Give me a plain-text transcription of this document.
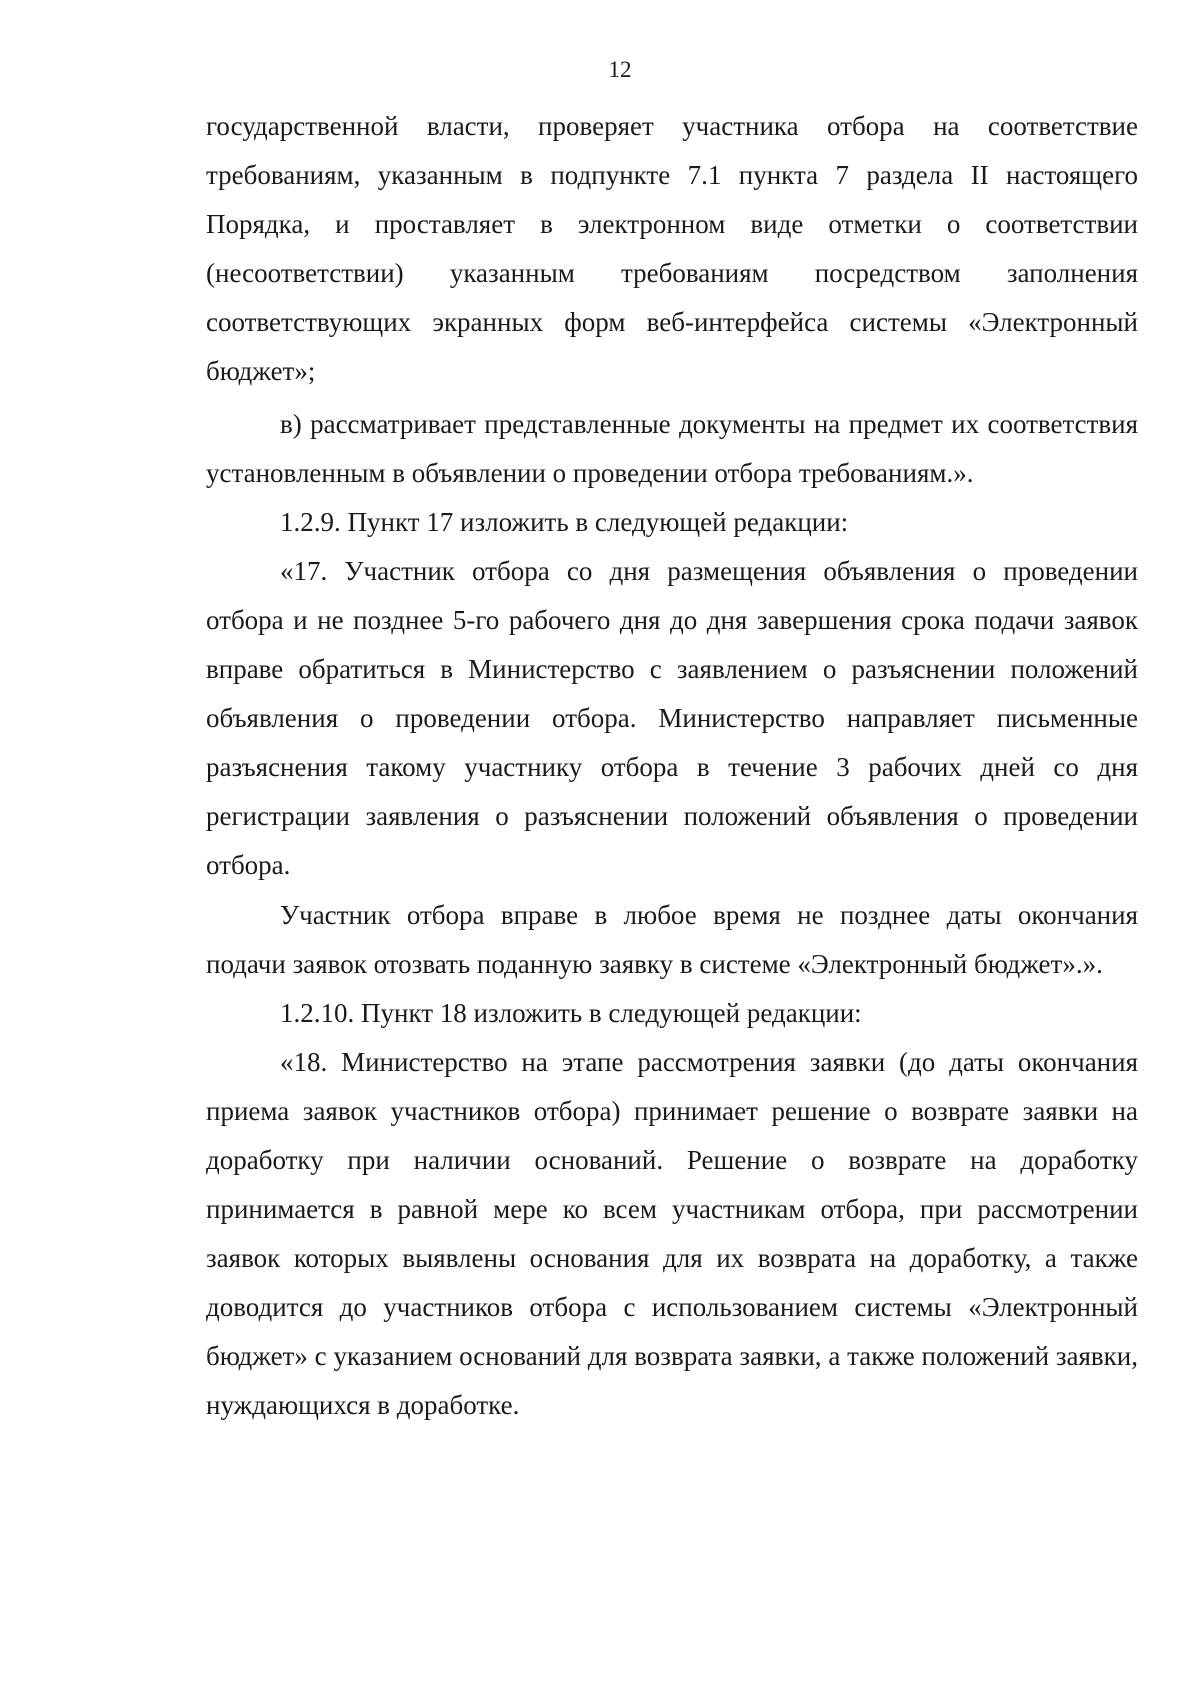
12

государственной власти, проверяет участника отбора на соответствие требованиям, указанным в подпункте 7.1 пункта 7 раздела II настоящего Порядка, и проставляет в электронном виде отметки о соответствии (несоответствии) указанным требованиям посредством заполнения соответствующих экранных форм веб-интерфейса системы «Электронный бюджет»;

в) рассматривает представленные документы на предмет их соответствия установленным в объявлении о проведении отбора требованиям.».

1.2.9. Пункт 17 изложить в следующей редакции:

«17. Участник отбора со дня размещения объявления о проведении отбора и не позднее 5-го рабочего дня до дня завершения срока подачи заявок вправе обратиться в Министерство с заявлением о разъяснении положений объявления о проведении отбора. Министерство направляет письменные разъяснения такому участнику отбора в течение 3 рабочих дней со дня регистрации заявления о разъяснении положений объявления о проведении отбора.

Участник отбора вправе в любое время не позднее даты окончания подачи заявок отозвать поданную заявку в системе «Электронный бюджет».».

1.2.10. Пункт 18 изложить в следующей редакции:

«18. Министерство на этапе рассмотрения заявки (до даты окончания приема заявок участников отбора) принимает решение о возврате заявки на доработку при наличии оснований. Решение о возврате на доработку принимается в равной мере ко всем участникам отбора, при рассмотрении заявок которых выявлены основания для их возврата на доработку, а также доводится до участников отбора с использованием системы «Электронный бюджет» с указанием оснований для возврата заявки, а также положений заявки, нуждающихся в доработке.
